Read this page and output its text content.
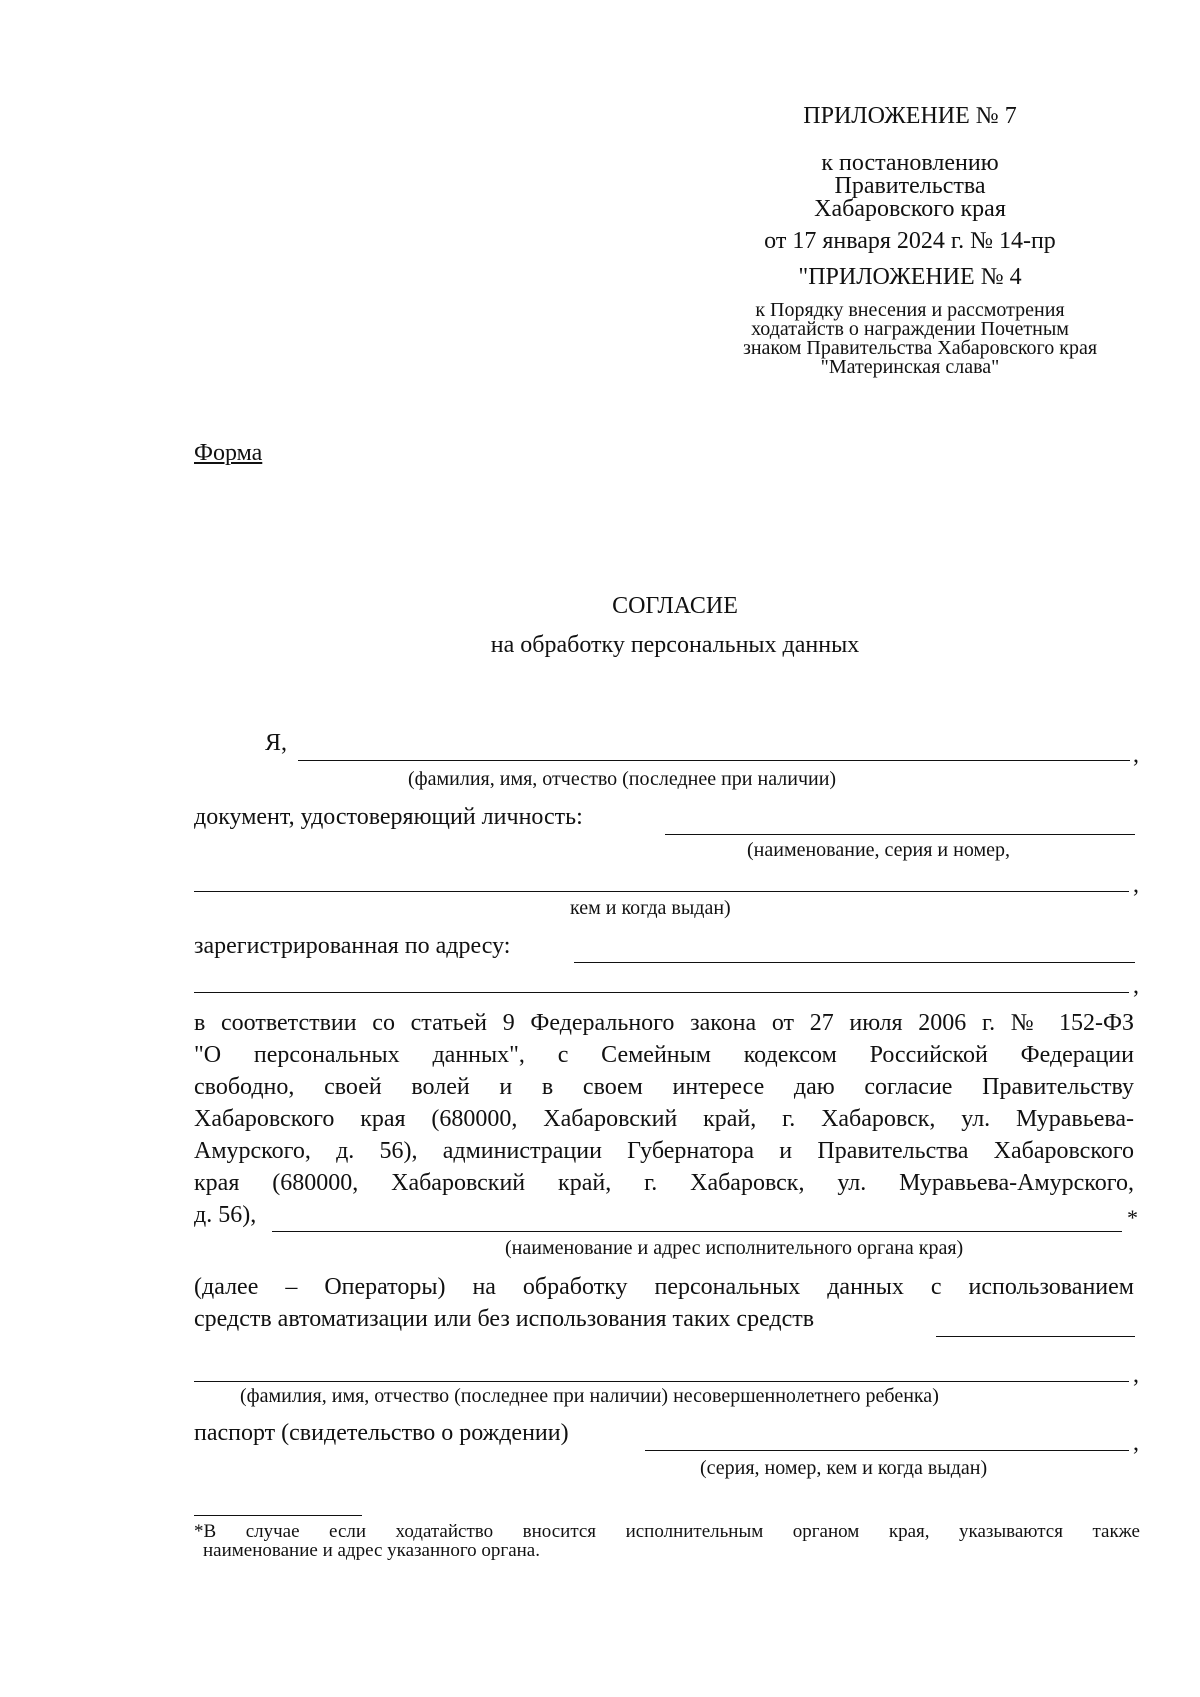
ПРИЛОЖЕНИЕ № 7
к постановлению
Правительства
Хабаровского края
от 17 января 2024 г. № 14-пр
"ПРИЛОЖЕНИЕ № 4
к Порядку внесения и рассмотрения
ходатайств о награждении Почетным
знаком Правительства Хабаровского края
"Материнская слава"
Форма
СОГЛАСИЕ
на обработку персональных данных
Я,	,
(фамилия, имя, отчество (последнее при наличии)
документ, удостоверяющий личность:
(наименование, серия и номер,
,
кем и когда выдан)
зарегистрированная по адресу:
,
в соответствии со статьей 9 Федерального закона от 27 июля 2006 г. № 152-ФЗ
"О персональных данных", с Семейным кодексом Российской Федерации
свободно, своей волей и в своем интересе даю согласие Правительству
Хабаровского края (680000, Хабаровский край, г. Хабаровск, ул. Муравьева-
Амурского, д. 56), администрации Губернатора и Правительства Хабаровского
края (680000, Хабаровский край, г. Хабаровск, ул. Муравьева-Амурского,
д. 56),	*
(наименование и адрес исполнительного органа края)
(далее – Операторы) на обработку персональных данных с использованием
средств автоматизации или без использования таких средств
,
(фамилия, имя, отчество (последнее при наличии) несовершеннолетнего ребенка)
паспорт (свидетельство о рождении)	,
(серия, номер, кем и когда выдан)
*В случае если ходатайство вносится исполнительным органом края, указываются также
наименование и адрес указанного органа.
